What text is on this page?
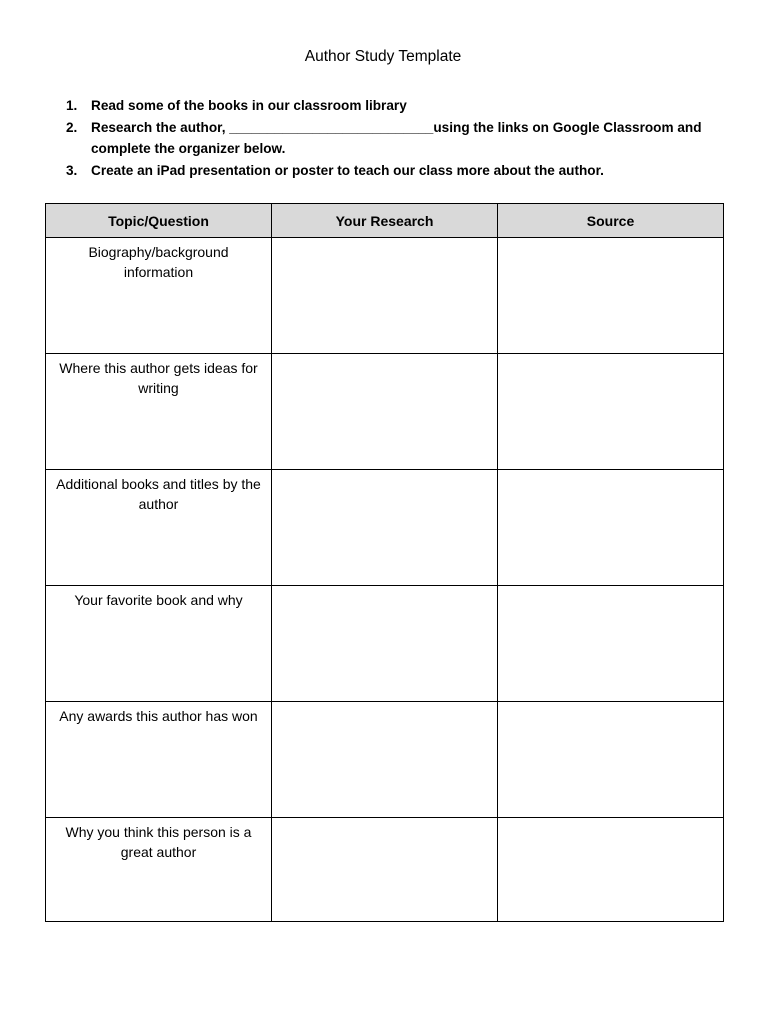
Author Study Template
1. Read some of the books in our classroom library
2. Research the author, ___________________________using the links on Google Classroom and complete the organizer below.
3. Create an iPad presentation or poster to teach our class more about the author.
Topic/Question	Your Research	Source
Biography/background information		
Where this author gets ideas for writing		
Additional books and titles by the author		
Your favorite book and why		
Any awards this author has won		
Why you think this person is a great author		
